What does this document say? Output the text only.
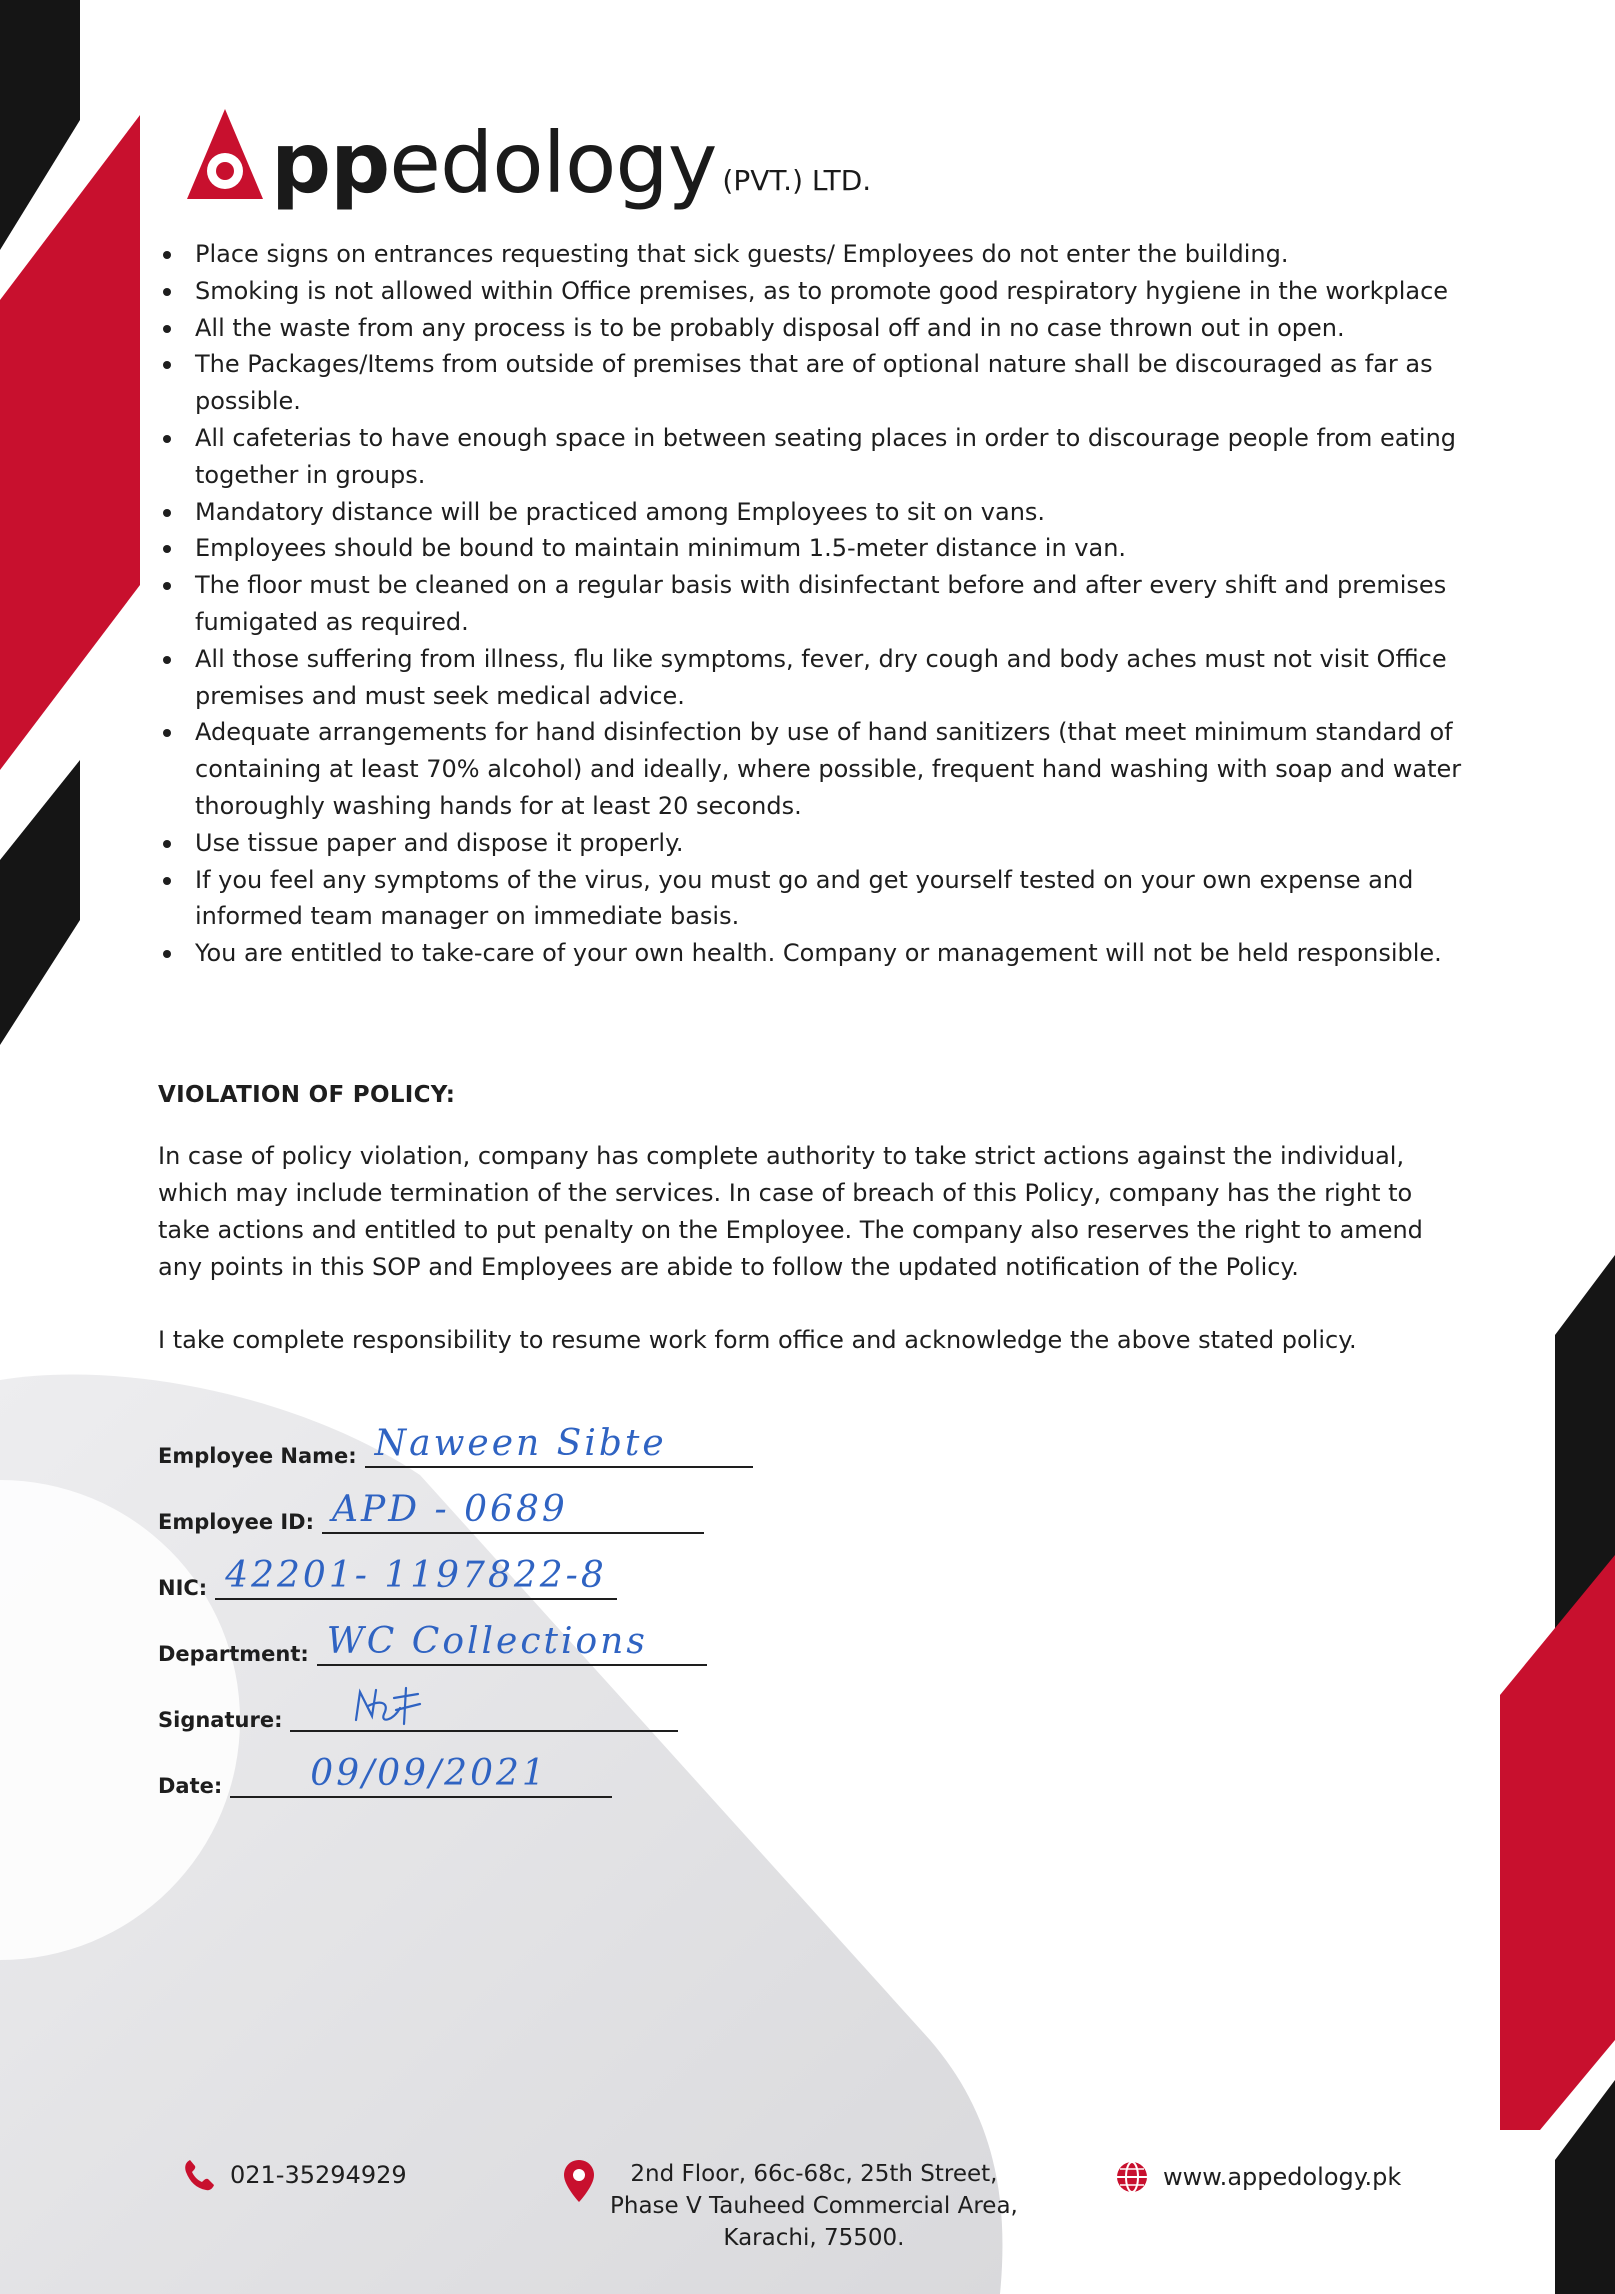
ppedology (PVT.) LTD.
Place signs on entrances requesting that sick guests/ Employees do not enter the building.
Smoking is not allowed within Office premises, as to promote good respiratory hygiene in the workplace
All the waste from any process is to be probably disposal off and in no case thrown out in open.
The Packages/Items from outside of premises that are of optional nature shall be discouraged as far as possible.
All cafeterias to have enough space in between seating places in order to discourage people from eating together in groups.
Mandatory distance will be practiced among Employees to sit on vans.
Employees should be bound to maintain minimum 1.5-meter distance in van.
The floor must be cleaned on a regular basis with disinfectant before and after every shift and premises fumigated as required.
All those suffering from illness, flu like symptoms, fever, dry cough and body aches must not visit Office premises and must seek medical advice.
Adequate arrangements for hand disinfection by use of hand sanitizers (that meet minimum standard of containing at least 70% alcohol) and ideally, where possible, frequent hand washing with soap and water thoroughly washing hands for at least 20 seconds.
Use tissue paper and dispose it properly.
If you feel any symptoms of the virus, you must go and get yourself tested on your own expense and informed team manager on immediate basis.
You are entitled to take-care of your own health. Company or management will not be held responsible.
VIOLATION OF POLICY:

In case of policy violation, company has complete authority to take strict actions against the individual, which may include termination of the services. In case of breach of this Policy, company has the right to take actions and entitled to put penalty on the Employee. The company also reserves the right to amend any points in this SOP and Employees are abide to follow the updated notification of the Policy.

I take complete responsibility to resume work form office and acknowledge the above stated policy.

Employee Name: Naween Sibte
Employee ID: APD - 0689
NIC: 42201- 1197822-8
Department: WC Collections
Signature:
Date: 09/09/2021
021-35294929	2nd Floor, 66c-68c, 25th Street,
Phase V Tauheed Commercial Area,
Karachi, 75500.
www.appedology.pk
